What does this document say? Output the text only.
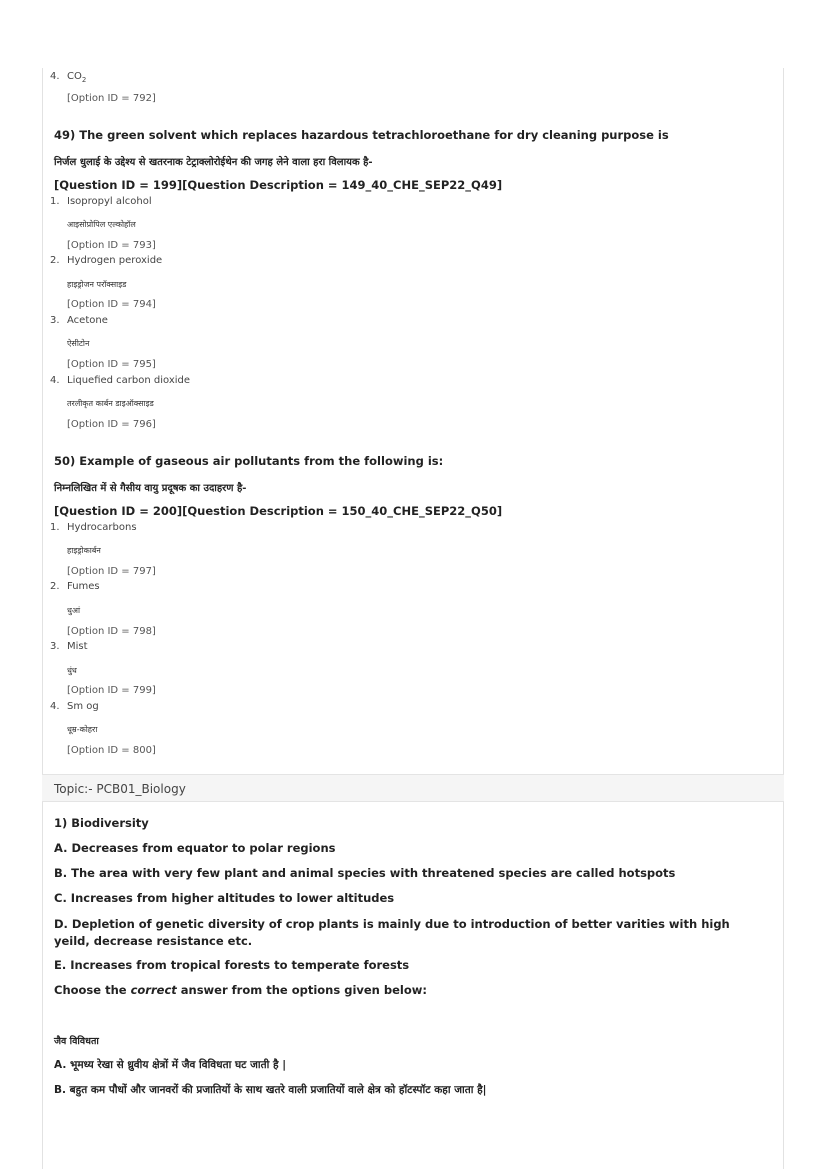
4. $CO_2$
[Option ID = 792]
49) The green solvent which replaces hazardous tetrachloroethane for dry cleaning purpose is
निर्जल धुलाई के उद्देश्य से खतरनाक टेट्राक्लोरोईथेन की जगह लेने वाला हरा विलायक है-
[Question ID = 199][Question Description = 149_40_CHE_SEP22_Q49]
1. Isopropyl alcohol
आइसोप्रोपिल एल्कोहॉल
[Option ID = 793]
2. Hydrogen peroxide
हाइड्रोजन परॉक्साइड
[Option ID = 794]
3. Acetone
ऐसीटोन
[Option ID = 795]
4. Liquefied carbon dioxide
तरलीकृत कार्बन डाइऑक्साइड
[Option ID = 796]
50) Example of gaseous air pollutants from the following is:
निम्नलिखित में से गैसीय वायु प्रदूषक का उदाहरण है-
[Question ID = 200][Question Description = 150_40_CHE_SEP22_Q50]
1. Hydrocarbons
हाइड्रोकार्बन
[Option ID = 797]
2. Fumes
धुआं
[Option ID = 798]
3. Mist
धुंध
[Option ID = 799]
4. Sm og
धूम्र-कोहरा
[Option ID = 800]
Topic:- PCB01_Biology
1) Biodiversity
A. Decreases from equator to polar regions
B. The area with very few plant and animal species with threatened species are called hotspots
C. Increases from higher altitudes to lower altitudes
D. Depletion of genetic diversity of crop plants is mainly due to introduction of better varities with high yeild, decrease resistance etc.
E. Increases from tropical forests to temperate forests
Choose the correct answer from the options given below:
जैव विविधता
A. भूमध्य रेखा से ध्रुवीय क्षेत्रों में जैव विविधता घट जाती है |
B. बहुत कम पौधों और जानवरों की प्रजातियों के साथ खतरे वाली प्रजातियों वाले क्षेत्र को हॉटस्पॉट कहा जाता है|
